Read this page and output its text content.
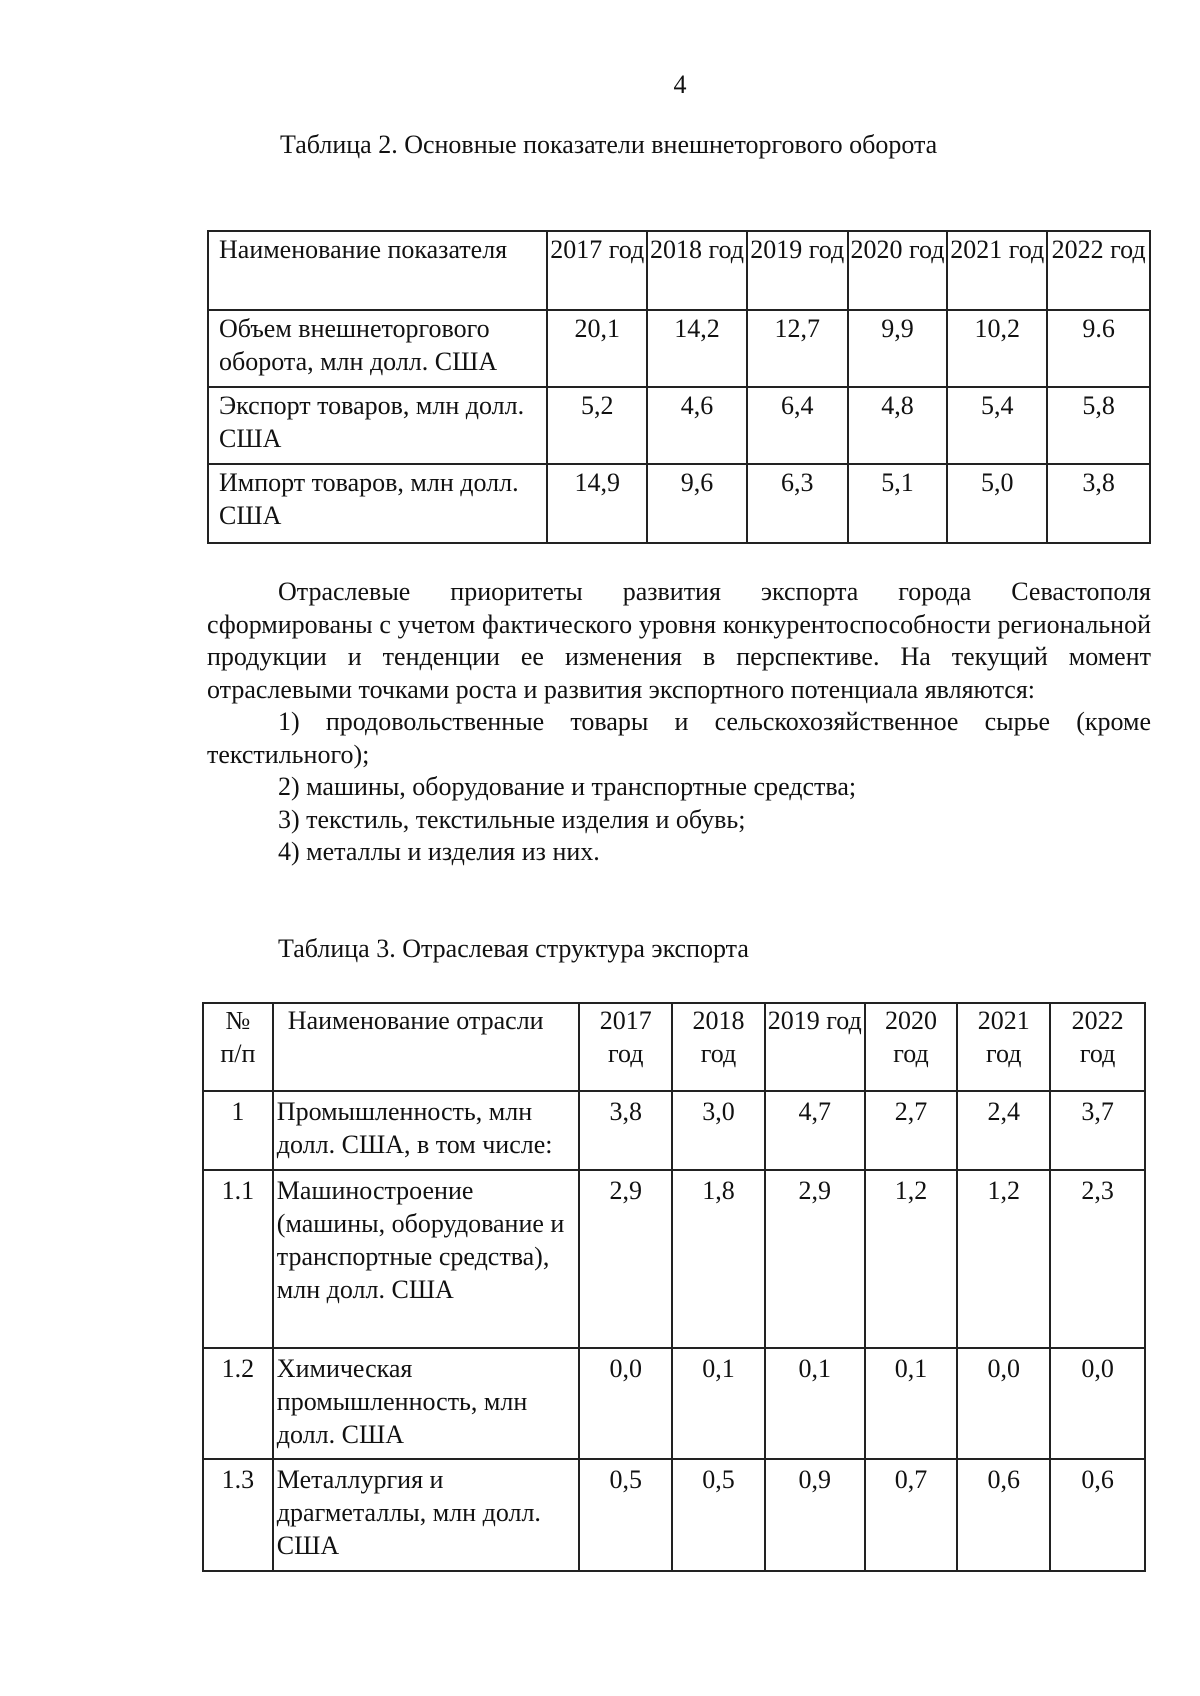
4
Таблица 2. Основные показатели внешнеторгового оборота
Наименование показателя	2017 год	2018 год	2019 год	2020 год	2021 год	2022 год
Объем внешнеторгового оборота, млн долл. США	20,1	14,2	12,7	9,9	10,2	9.6
Экспорт товаров, млн долл. США	5,2	4,6	6,4	4,8	5,4	5,8
Импорт товаров, млн долл. США	14,9	9,6	6,3	5,1	5,0	3,8

Отраслевые приоритеты развития экспорта города Севастополя сформированы с учетом фактического уровня конкурентоспособности региональной продукции и тенденции ее изменения в перспективе. На текущий момент отраслевыми точками роста и развития экспортного потенциала являются:

1) продовольственные товары и сельскохозяйственное сырье (кроме текстильного);

2) машины, оборудование и транспортные средства;

3) текстиль, текстильные изделия и обувь;

4) металлы и изделия из них.

Таблица 3. Отраслевая структура экспорта
№
п/п	Наименование отрасли	2017 год	2018 год	2019 год	2020 год	2021 год	2022 год
1	Промышленность, млн долл. США, в том числе:	3,8	3,0	4,7	2,7	2,4	3,7
1.1	Машиностроение (машины, оборудование и транспортные средства), млн долл. США	2,9	1,8	2,9	1,2	1,2	2,3
1.2	Химическая промышленность, млн долл. США	0,0	0,1	0,1	0,1	0,0	0,0
1.3	Металлургия и драгметаллы, млн долл. США	0,5	0,5	0,9	0,7	0,6	0,6
